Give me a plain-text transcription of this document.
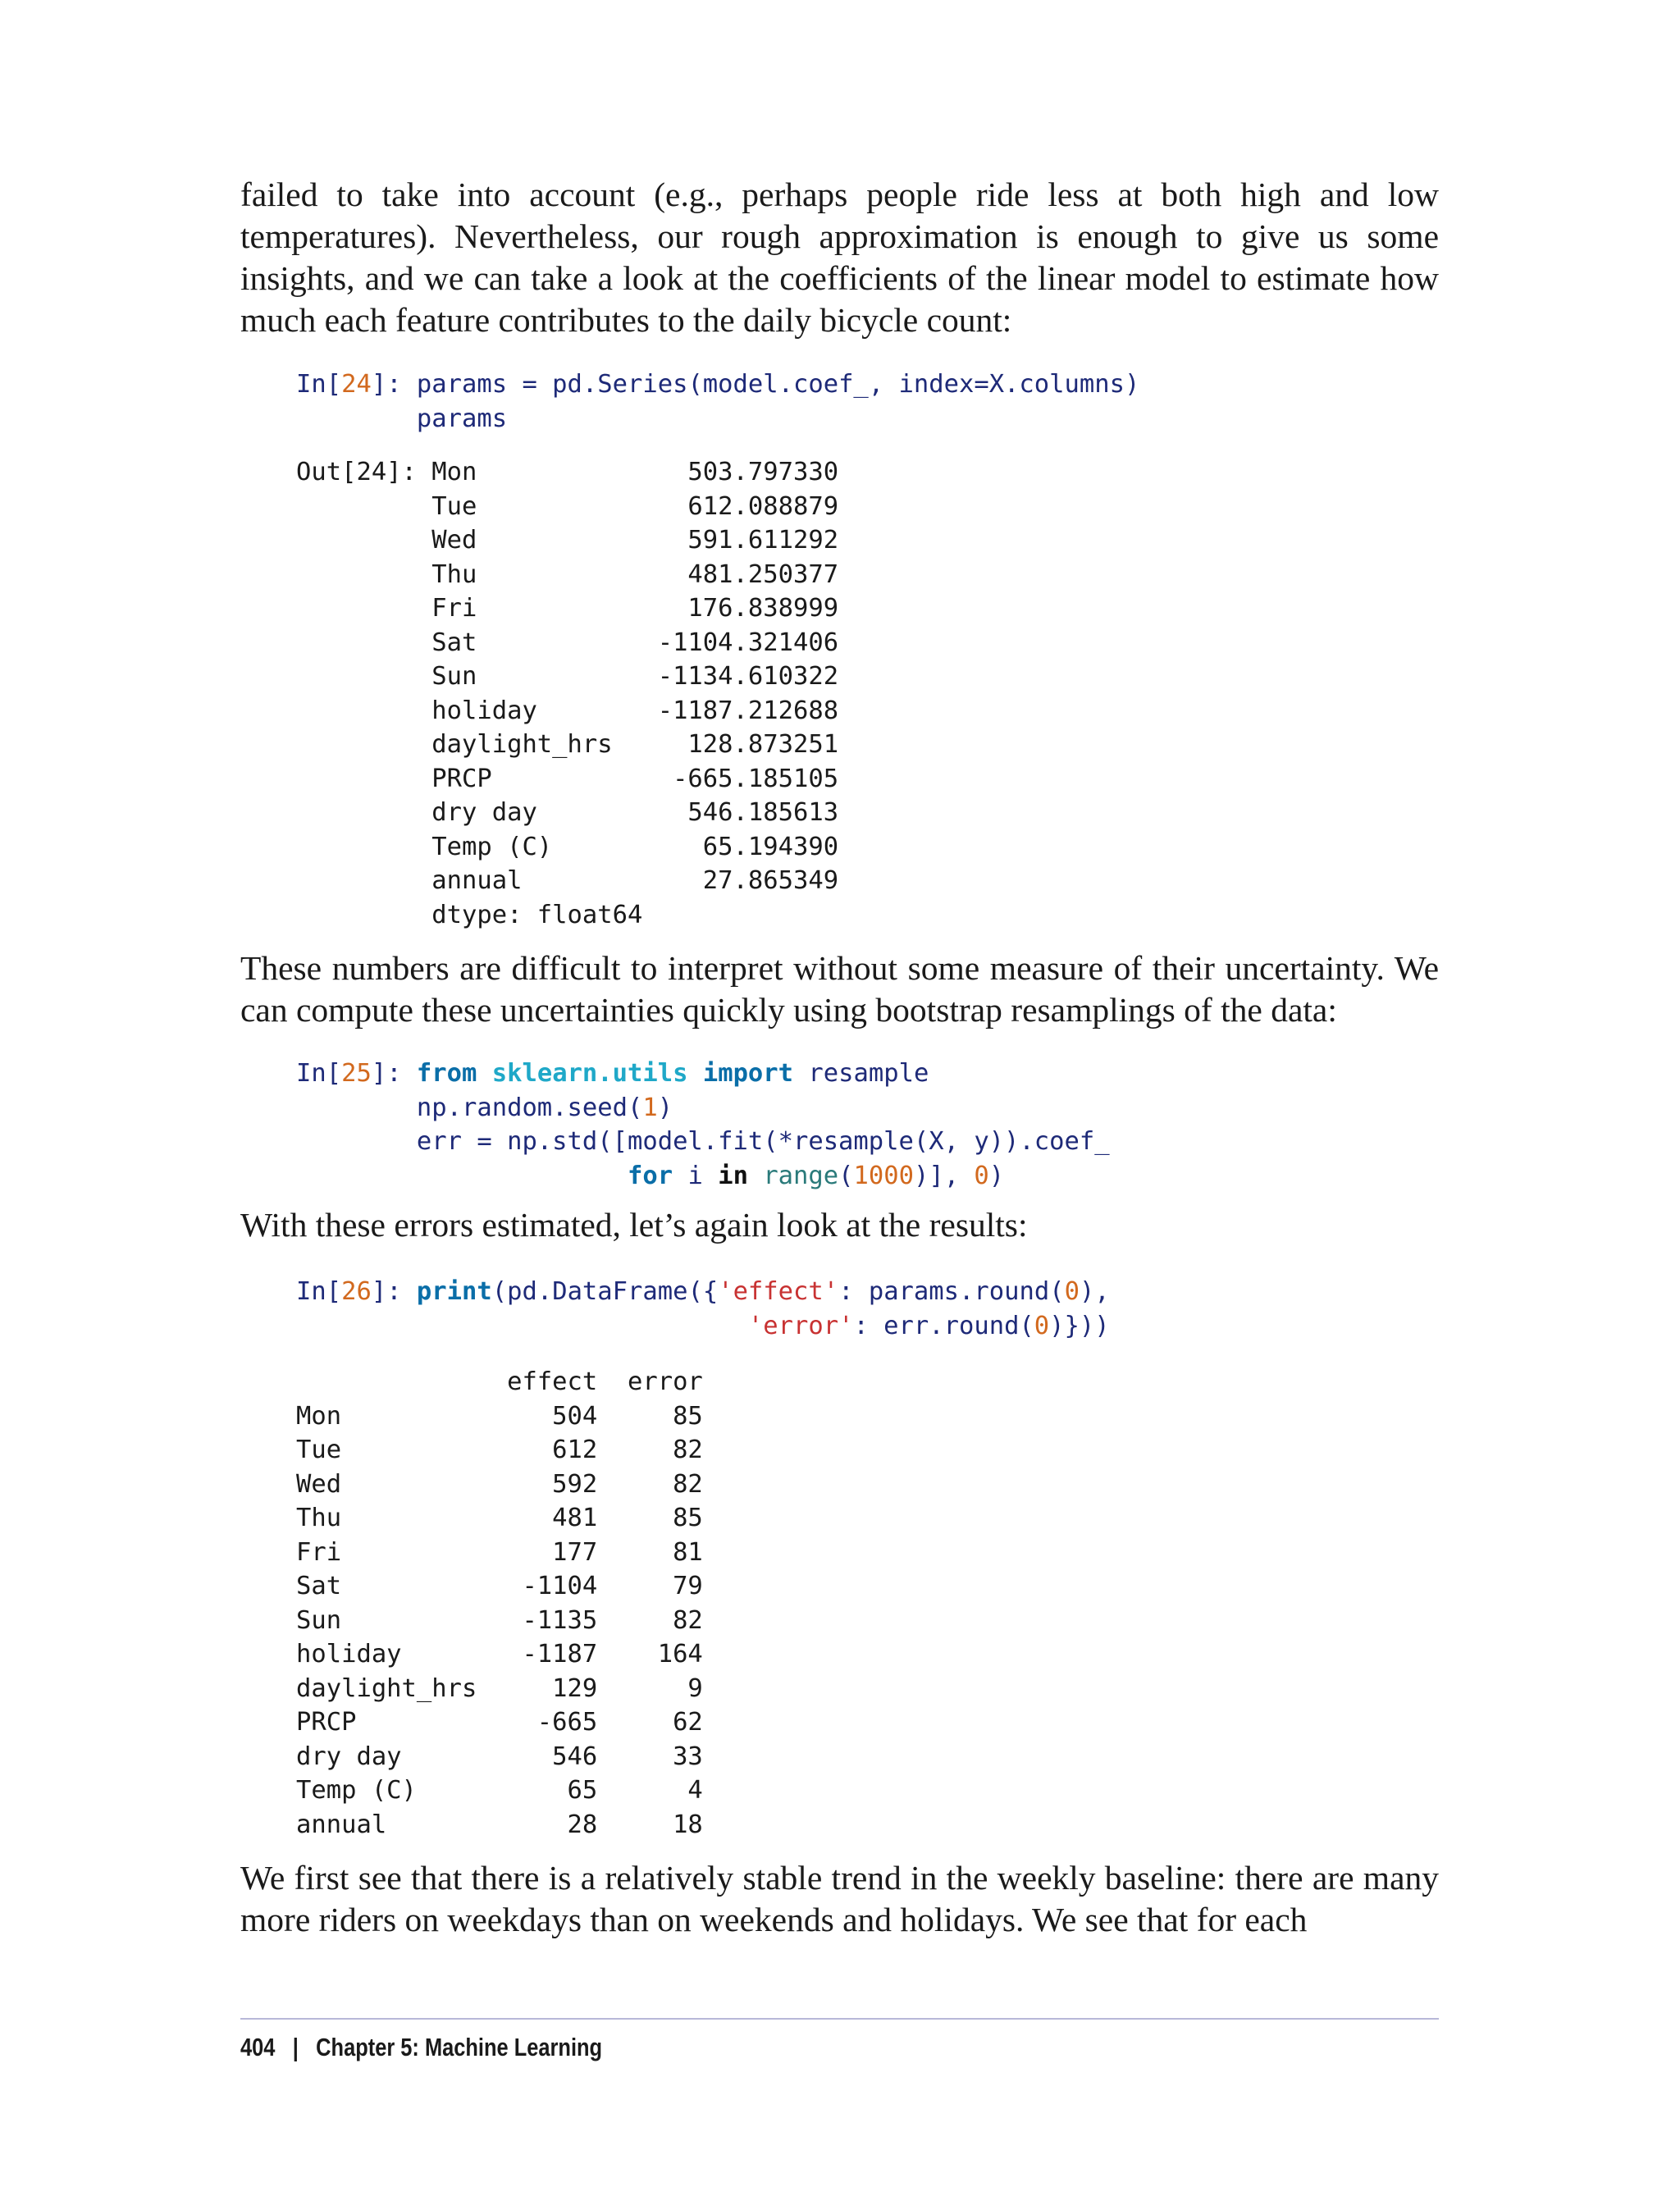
failed to take into account (e.g., perhaps people ride less at both high and low temperatures). Nevertheless, our rough approximation is enough to give us some insights, and we can take a look at the coefficients of the linear model to estimate how much each feature contributes to the daily bicycle count:

In[24]: params = pd.Series(model.coef_, index=X.columns)
params
Out[24]: Mon              503.797330
Tue              612.088879
Wed              591.611292
Thu              481.250377
Fri              176.838999
Sat            -1104.321406
Sun            -1134.610322
holiday        -1187.212688
daylight_hrs     128.873251
PRCP            -665.185105
dry day          546.185613
Temp (C)          65.194390
annual            27.865349
dtype: float64

These numbers are difficult to interpret without some measure of their uncertainty. We can compute these uncertainties quickly using bootstrap resamplings of the data:

In[25]: from sklearn.utils import resample
np.random.seed(1)
err = np.std([model.fit(*resample(X, y)).coef_
for i in range(1000)], 0)

With these errors estimated, let’s again look at the results:

In[26]: print(pd.DataFrame({'effect': params.round(0),
'error': err.round(0)}))
effect  error
Mon              504     85
Tue              612     82
Wed              592     82
Thu              481     85
Fri              177     81
Sat            -1104     79
Sun            -1135     82
holiday        -1187    164
daylight_hrs     129      9
PRCP            -665     62
dry day          546     33
Temp (C)          65      4
annual            28     18

We first see that there is a relatively stable trend in the weekly baseline: there are many more riders on weekdays than on weekends and holidays. We see that for each

404 | Chapter 5: Machine Learning
